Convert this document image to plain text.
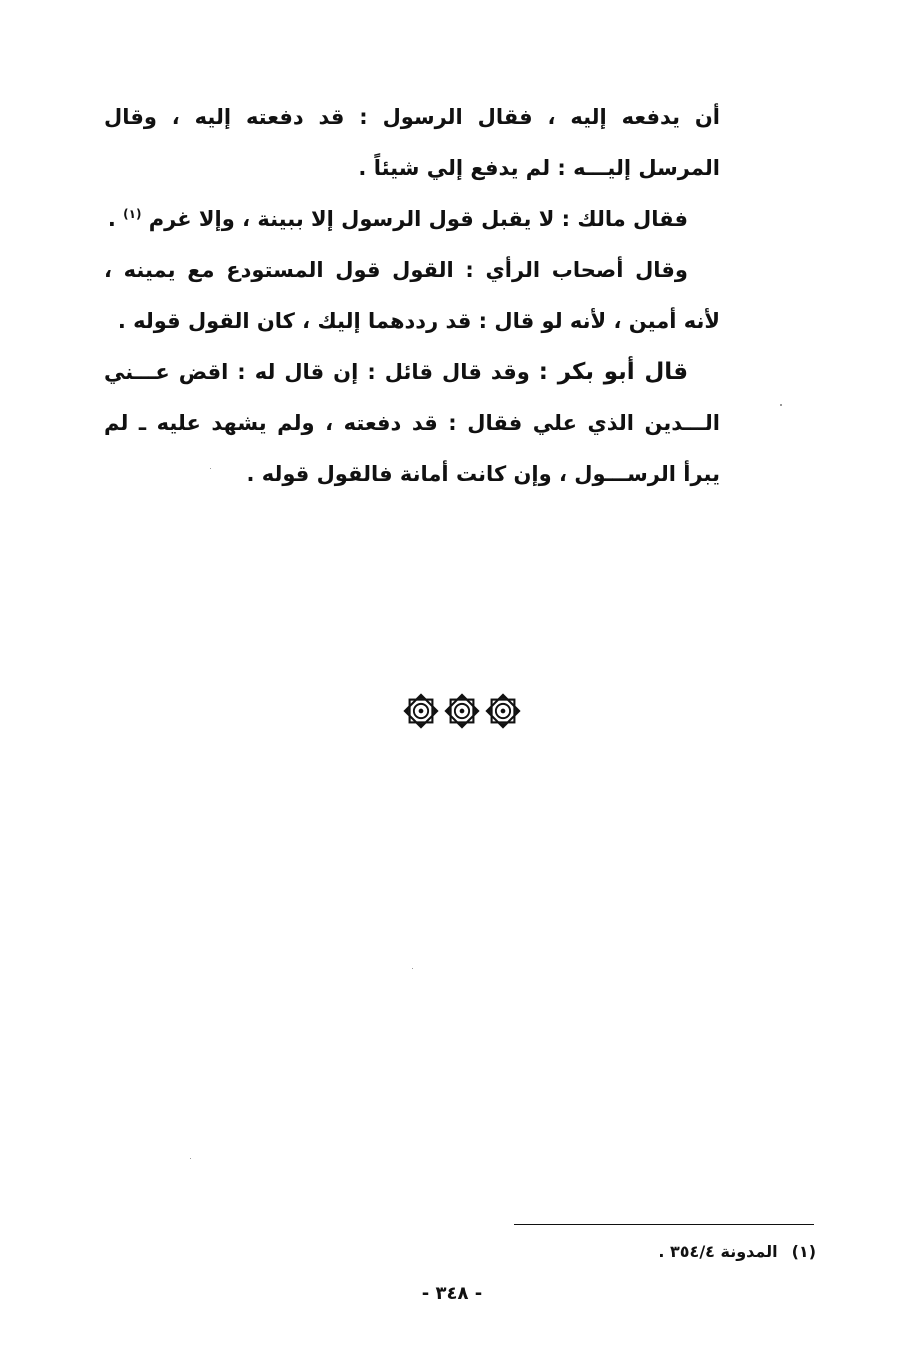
أن يدفعه إليه ، فقال الرسول : قد دفعته إليه ، وقال المرسل إليـــه : لم يدفع إلي شيئاً .

فقال مالك : لا يقبل قول الرسول إلا ببينة ، وإلا غرم $^{(١)}$ .

وقال أصحاب الرأي : القول قول المستودع مع يمينه ، لأنه أمين ، لأنه لو قال : قد رددهما إليك ، كان القول قوله .

قال أبو بكر : وقد قال قائل : إن قال له : اقض عـــني الـــدين الذي علي فقال : قد دفعته ، ولم يشهد عليه ـ لم يبرأ الرســـول ، وإن كانت أمانة فالقول قوله .

(١)المدونة ٣٥٤/٤ .
- ٣٤٨ -
